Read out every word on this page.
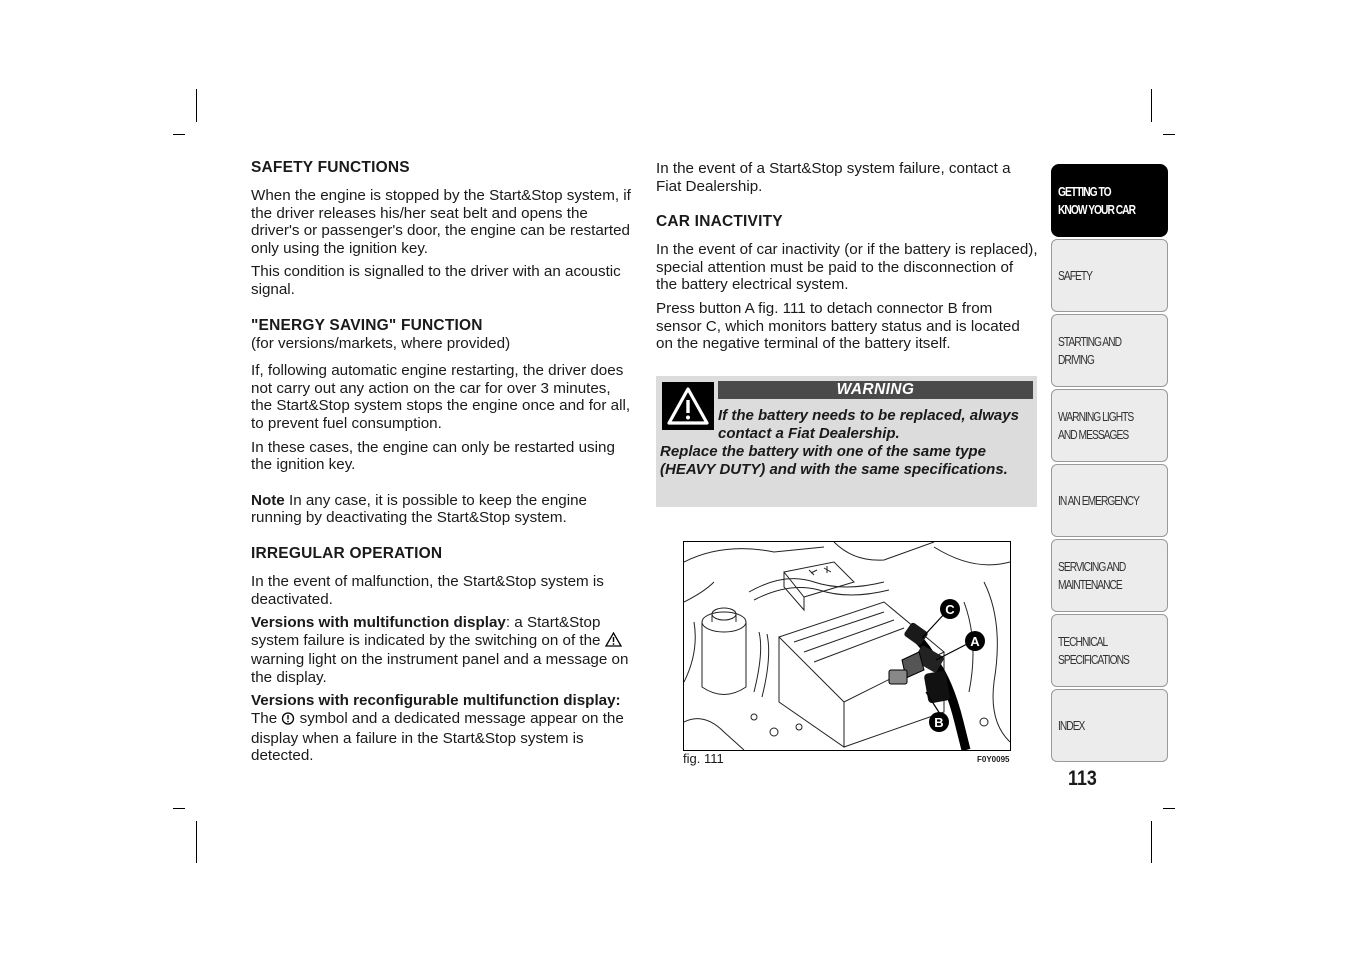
SAFETY FUNCTIONS

When the engine is stopped by the Start&Stop system, if the driver releases his/her seat belt and opens the driver's or passenger's door, the engine can be restarted only using the ignition key.

This condition is signalled to the driver with an acoustic signal.

"ENERGY SAVING" FUNCTION

(for versions/markets, where provided)

If, following automatic engine restarting, the driver does not carry out any action on the car for over 3 minutes, the Start&Stop system stops the engine once and for all, to prevent fuel consumption.

In these cases, the engine can only be restarted using the ignition key.

Note In any case, it is possible to keep the engine running by deactivating the Start&Stop system.

IRREGULAR OPERATION

In the event of malfunction, the Start&Stop system is deactivated.

Versions with multifunction display: a Start&Stop system failure is indicated by the switching on of the  warning light on the instrument panel and a message on the display.

Versions with reconfigurable multifunction display: The  symbol and a dedicated message appear on the display when a failure in the Start&Stop system is detected.

In the event of a Start&Stop system failure, contact a Fiat Dealership.

CAR INACTIVITY

In the event of car inactivity (or if the battery is replaced), special attention must be paid to the disconnection of the battery electrical system.

Press button A fig. 111 to detach connector B from sensor C, which monitors battery status and is located on the negative terminal of the battery itself.

WARNING
If the battery needs to be replaced, always contact a Fiat Dealership.
Replace the battery with one of the same type (HEAVY DUTY) and with the same specifications.
C
A
B
fig. 111	F0Y0095
GETTING TO
KNOW YOUR CAR
SAFETY
STARTING AND
DRIVING
WARNING LIGHTS
AND MESSAGES
IN AN EMERGENCY
SERVICING AND
MAINTENANCE
TECHNICAL
SPECIFICATIONS
INDEX
113
